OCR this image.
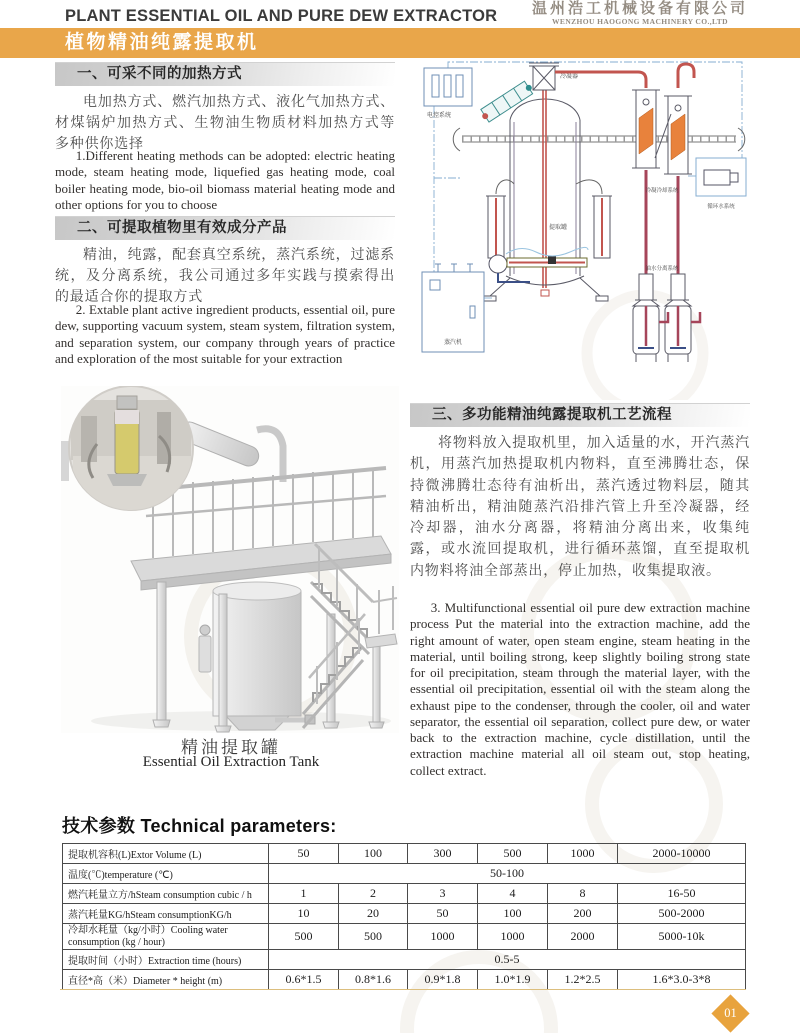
PLANT ESSENTIAL OIL AND PURE DEW EXTRACTOR 温州浩工机械设备有限公司
WENZHOU HAOGONG MACHINERY CO.,LTD
植物精油纯露提取机
一、可采不同的加热方式
电加热方式、燃汽加热方式、液化气加热方式、材煤锅炉加热方式、生物油生物质材料加热方式等多种供你选择
1.Different heating methods can be adopted: electric heating mode, steam heating mode, liquefied gas heating mode, coal boiler heating mode, bio-oil biomass material heating mode and other options for you to choose
二、可提取植物里有效成分产品
精油，纯露，配套真空系统，蒸汽系统，过滤系统，及分离系统，我公司通过多年实践与摸索得出的最适合你的提取方式
2. Extable plant active ingredient products, essential oil, pure dew, supporting vacuum system, steam system, filtration system, and separation system, our company through years of practice and exploration of the most suitable for your extraction
精油提取罐
Essential Oil Extraction Tank
电控系统
提取罐
冷凝器
冷凝冷却系统
循环水系统
油水分离系统
蒸汽机
三、多功能精油纯露提取机工艺流程
将物料放入提取机里，加入适量的水，开汽蒸汽机，用蒸汽加热提取机内物料，直至沸腾壮态，保持微沸腾壮态待有油析出，蒸汽透过物料层，随其精油析出，精油随蒸汽沿排汽管上升至冷凝器，经冷却器，油水分离器，将精油分离出来，收集纯露，或水流回提取机，进行循环蒸馏，直至提取机内物料将油全部蒸出，停止加热，收集提取液。
3. Multifunctional essential oil pure dew extraction machine process Put the material into the extraction machine, add the right amount of water, open steam engine, steam heating in the material, until boiling strong, keep slightly boiling strong state for oil precipitation, steam through the material layer, with the essential oil precipitation, essential oil with the steam along the exhaust pipe to the condenser, through the cooler, oil and water separator, the essential oil separation, collect pure dew, or water back to the extraction machine, cycle distillation, until the extraction machine material all oil steam out, stop heating, collect extract.
技术参数 Technical parameters:
提取机容积(L)Extor Volume (L)	50	100	300	500	1000	2000-10000
温度(℃)temperature (℃)	50-100					
燃汽耗量立方/hSteam consumption cubic / h	1	2	3	4	8	16-50
蒸汽耗量KG/hSteam consumptionKG/h	10	20	50	100	200	500-2000
冷却水耗量（kg/小时）Cooling water consumption (kg / hour)	500	500	1000	1000	2000	5000-10k
提取时间（小时）Extraction time (hours)	0.5-5					
直径*高（米）Diameter * height (m)	0.6*1.5	0.8*1.6	0.9*1.8	1.0*1.9	1.2*2.5	1.6*3.0-3*8
01
